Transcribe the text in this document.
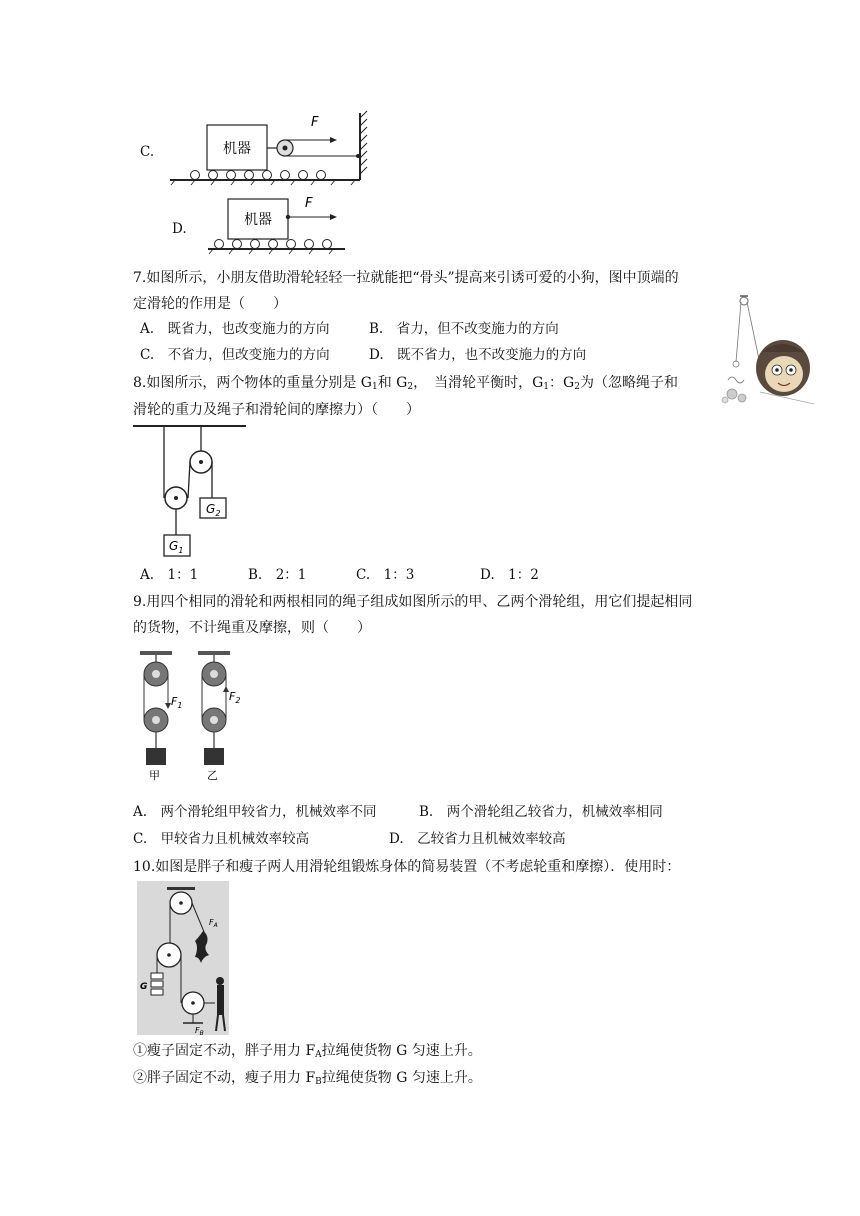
C.	机器
F
D.
机器
F
7.如图所示，小朋友借助滑轮轻轻一拉就能把“骨头”提高来引诱可爱的小狗，图中顶端的
定滑轮的作用是（　　）
A.　既省力，也改变施力的方向	B.　省力，但不改变施力的方向
C.　不省力，但改变施力的方向	D.　既不省力，也不改变施力的方向
8.如图所示，两个物体的重量分别是 $G_1$和 $G_2$，　当滑轮平衡时，$G_1$：$G_2$为（忽略绳子和
滑轮的重力及绳子和滑轮间的摩擦力）（　　）
$G_2$
$G_1$
A.　1：1	B.　2：1	C.　1：3	D.　1：2
9.用四个相同的滑轮和两根相同的绳子组成如图所示的甲、乙两个滑轮组，用它们提起相同
的货物，不计绳重及摩擦，则（　　）
$F_1$
甲
$F_2$
乙
A.　两个滑轮组甲较省力，机械效率不同	B.　两个滑轮组乙较省力，机械效率相同
C.　甲较省力且机械效率较高	D.　乙较省力且机械效率较高
10.如图是胖子和瘦子两人用滑轮组锻炼身体的简易装置（不考虑轮重和摩擦）．使用时：
$F_A$
G
$F_B$
①瘦子固定不动，胖子用力 $F_A$拉绳使货物 G 匀速上升。
②胖子固定不动，瘦子用力 $F_B$拉绳使货物 G 匀速上升。
